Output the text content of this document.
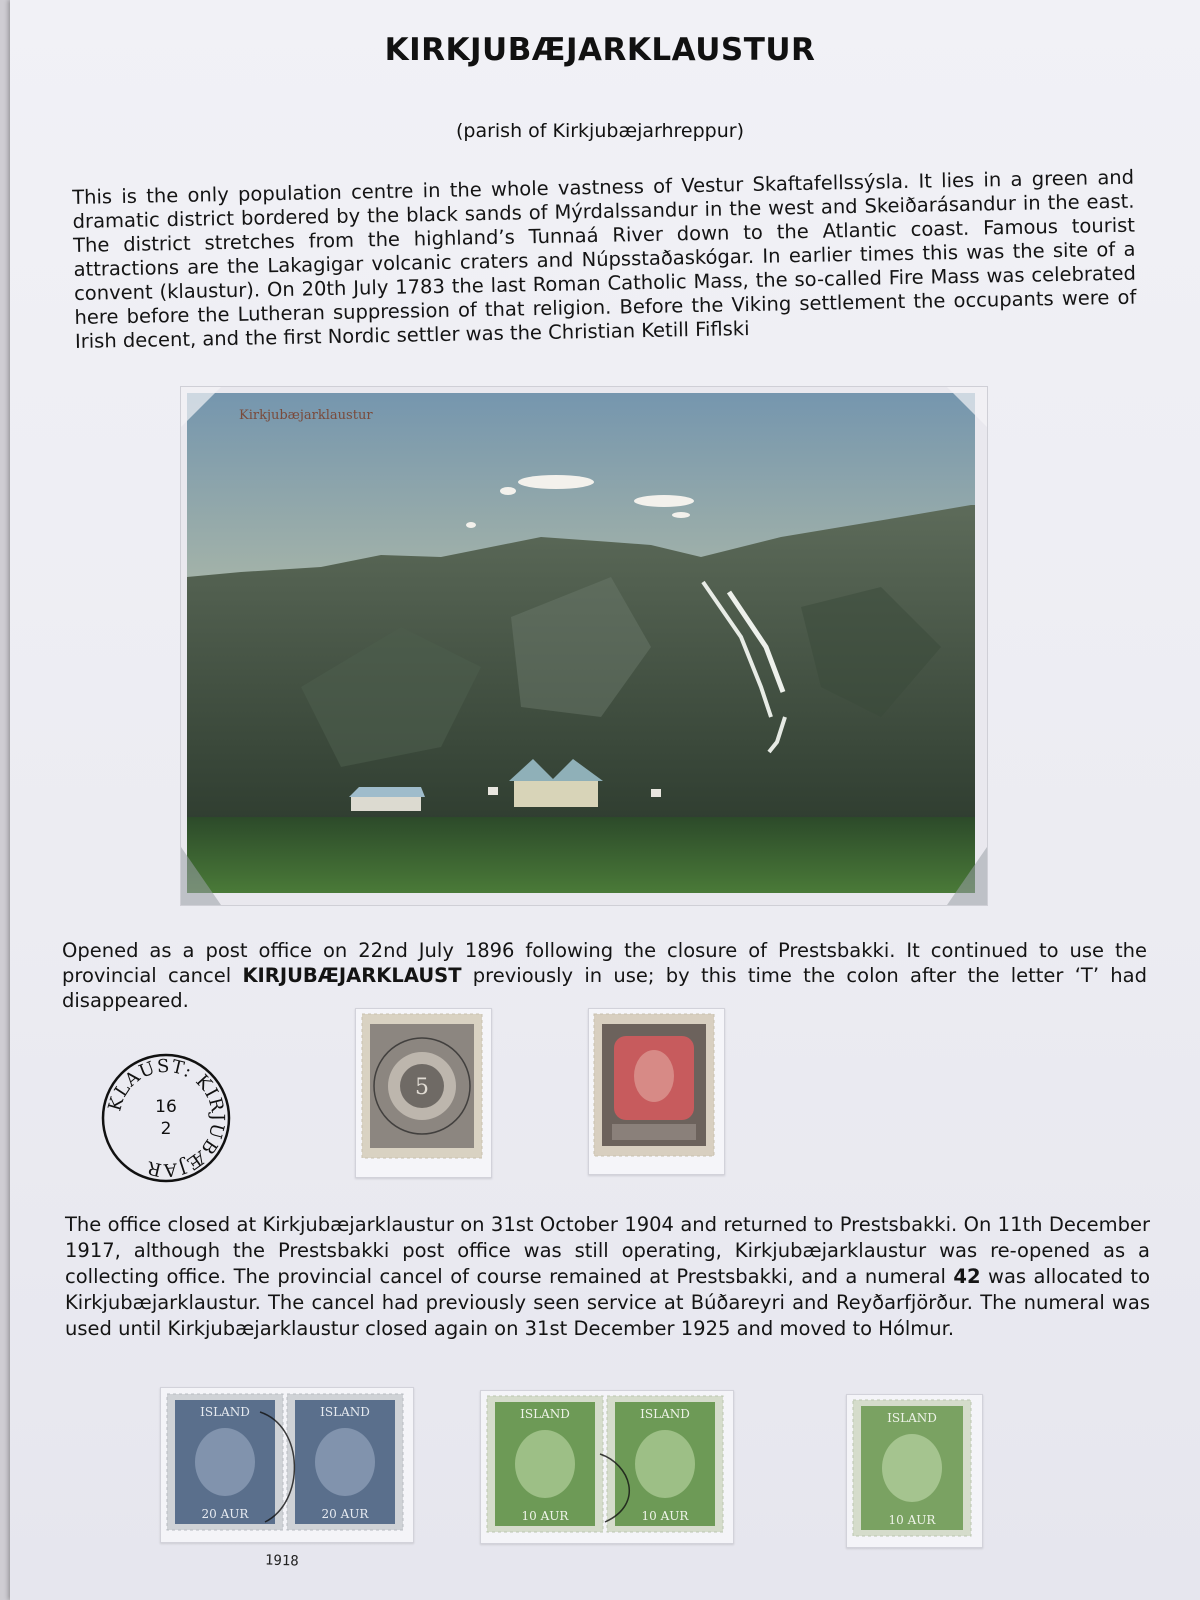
KIRKJUBÆJARKLAUSTUR
(parish of Kirkjubæjarhreppur)
This is the only population centre in the whole vastness of Vestur Skaftafellssýsla. It lies in a green and dramatic district bordered by the black sands of Mýrdalssandur in the west and Skeiðarásandur in the east. The district stretches from the highland’s Tunnaá River down to the Atlantic coast. Famous tourist attractions are the Lakagigar volcanic craters and Núpsstaðaskógar. In earlier times this was the site of a convent (klaustur). On 20th July 1783 the last Roman Catholic Mass, the so-called Fire Mass was celebrated here before the Lutheran suppression of that religion. Before the Viking settlement the occupants were of Irish decent, and the first Nordic settler was the Christian Ketill Fiflski
Kirkjubæjarklaustur
Opened as a post office on 22nd July 1896 following the closure of Prestsbakki. It continued to use the provincial cancel KIRJUBÆJARKLAUST previously in use; by this time the colon after the letter ‘T’ had disappeared.
KLAUST: KIRJUBÆJAR
16
2
5
The office closed at Kirkjubæjarklaustur on 31st October 1904 and returned to Prestsbakki. On 11th December 1917, although the Prestsbakki post office was still operating, Kirkjubæjarklaustur was re-opened as a collecting office. The provincial cancel of course remained at Prestsbakki, and a numeral 42 was allocated to Kirkjubæjarklaustur. The cancel had previously seen service at Búðareyri and Reyðarfjörður. The numeral was used until Kirkjubæjarklaustur closed again on 31st December 1925 and moved to Hólmur.
ISLAND
20 AUR
ISLAND
20 AUR
1918
ISLAND
10 AUR
ISLAND
10 AUR
ISLAND
10 AUR
